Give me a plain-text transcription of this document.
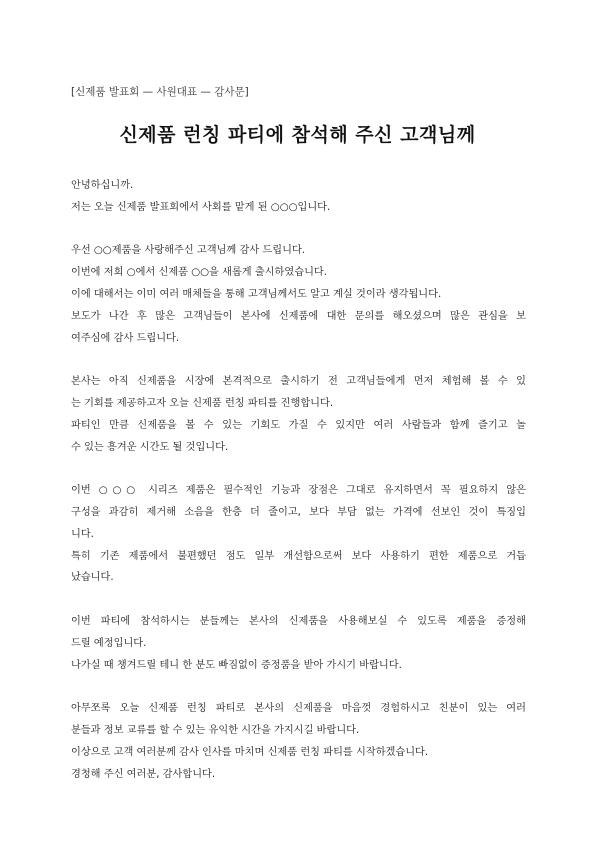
[신제품 발표회 — 사원대표 — 감사문]
신제품 런칭 파티에 참석해 주신 고객님께
안녕하십니까.
저는 오늘 신제품 발표회에서 사회를 맡게 된 ○○○입니다.
우선 ○○제품을 사랑해주신 고객님께 감사 드립니다.
이번에 저희 ○에서 신제품 ○○을 새롭게 출시하였습니다.
이에 대해서는 이미 여러 매체들을 통해 고객님께서도 알고 계실 것이라 생각됩니다.
보도가 나간 후 많은 고객님들이 본사에 신제품에 대한 문의를 해오셨으며 많은 관심을 보
여주심에 감사 드립니다.
본사는 아직 신제품을 시장에 본격적으로 출시하기 전 고객님들에게 먼저 체험해 볼 수 있
는 기회를 제공하고자 오늘 신제품 런칭 파티를 진행합니다.
파티인 만큼 신제품을 볼 수 있는 기회도 가질 수 있지만 여러 사람들과 함께 즐기고 놀
수 있는 흥겨운 시간도 될 것입니다.
이번 ○○○ 시리즈 제품은 필수적인 기능과 장점은 그대로 유지하면서 꼭 필요하지 않은
구성을 과감히 제거해 소음을 한층 더 줄이고, 보다 부담 없는 가격에 선보인 것이 특징입
니다.
특히 기존 제품에서 불편했던 점도 일부 개선함으로써 보다 사용하기 편한 제품으로 거듭
났습니다.
이번 파티에 참석하시는 분들께는 본사의 신제품을 사용해보실 수 있도록 제품을 증정해
드릴 예정입니다.
나가실 때 챙겨드릴 테니 한 분도 빠짐없이 증정품을 받아 가시기 바랍니다.
아무쪼록 오늘 신제품 런칭 파티로 본사의 신제품을 마음껏 경험하시고 친분이 있는 여러
분들과 정보 교류를 할 수 있는 유익한 시간을 가지시길 바랍니다.
이상으로 고객 여러분께 감사 인사를 마치며 신제품 런칭 파티를 시작하겠습니다.
경청해 주신 여러분, 감사합니다.
